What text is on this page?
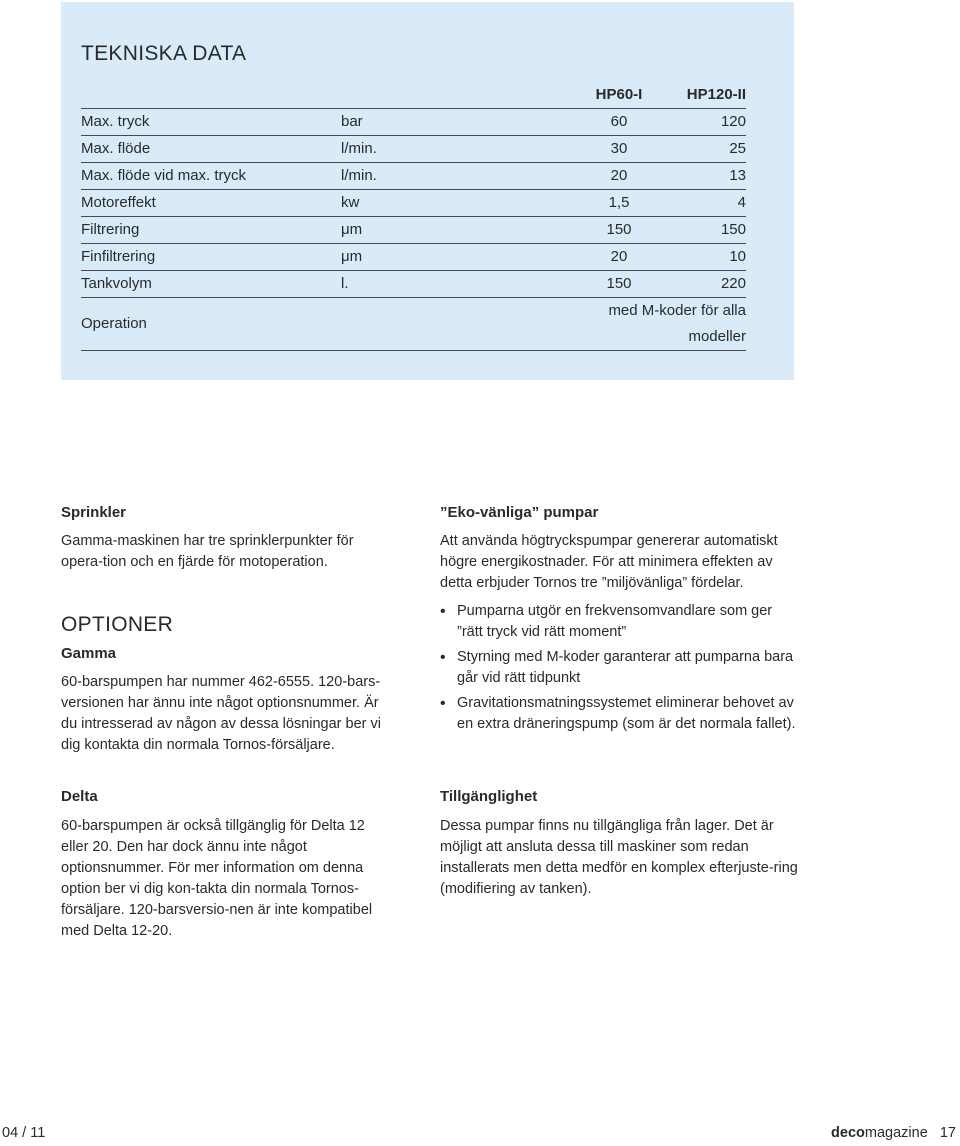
TEKNISKA DATA
		HP60-I	HP120-II
Max. tryck	bar	60	120
Max. flöde	l/min.	30	25
Max. flöde vid max. tryck	l/min.	20	13
Motoreffekt	kw	1,5	4
Filtrering	μm	150	150
Finfiltrering	μm	20	10
Tankvolym	l.	150	220
Operation		med M-koder för alla modeller	

Sprinkler

Gamma-maskinen har tre sprinklerpunkter för opera-tion och en fjärde för motoperation.

OPTIONER

Gamma

60-barspumpen har nummer 462-6555. 120-bars-versionen har ännu inte något optionsnummer. Är du intresserad av någon av dessa lösningar ber vi dig kontakta din normala Tornos-försäljare.

Delta

60-barspumpen är också tillgänglig för Delta 12 eller 20. Den har dock ännu inte något optionsnummer. För mer information om denna option ber vi dig kon-takta din normala Tornos-försäljare. 120-barsversio-nen är inte kompatibel med Delta 12-20.

”Eko-vänliga” pumpar

Att använda högtryckspumpar genererar automatiskt högre energikostnader. För att minimera effekten av detta erbjuder Tornos tre ”miljövänliga” fördelar.

• Pumparna utgör en frekvensomvandlare som ger ”rätt tryck vid rätt moment”
• Styrning med M-koder garanterar att pumparna bara går vid rätt tidpunkt
• Gravitationsmatningssystemet eliminerar behovet av en extra dräneringspump (som är det normala fallet).

Tillgänglighet

Dessa pumpar finns nu tillgängliga från lager. Det är möjligt att ansluta dessa till maskiner som redan installerats men detta medför en komplex efterjuste-ring (modifiering av tanken).

04 / 11	decomagazine 17
